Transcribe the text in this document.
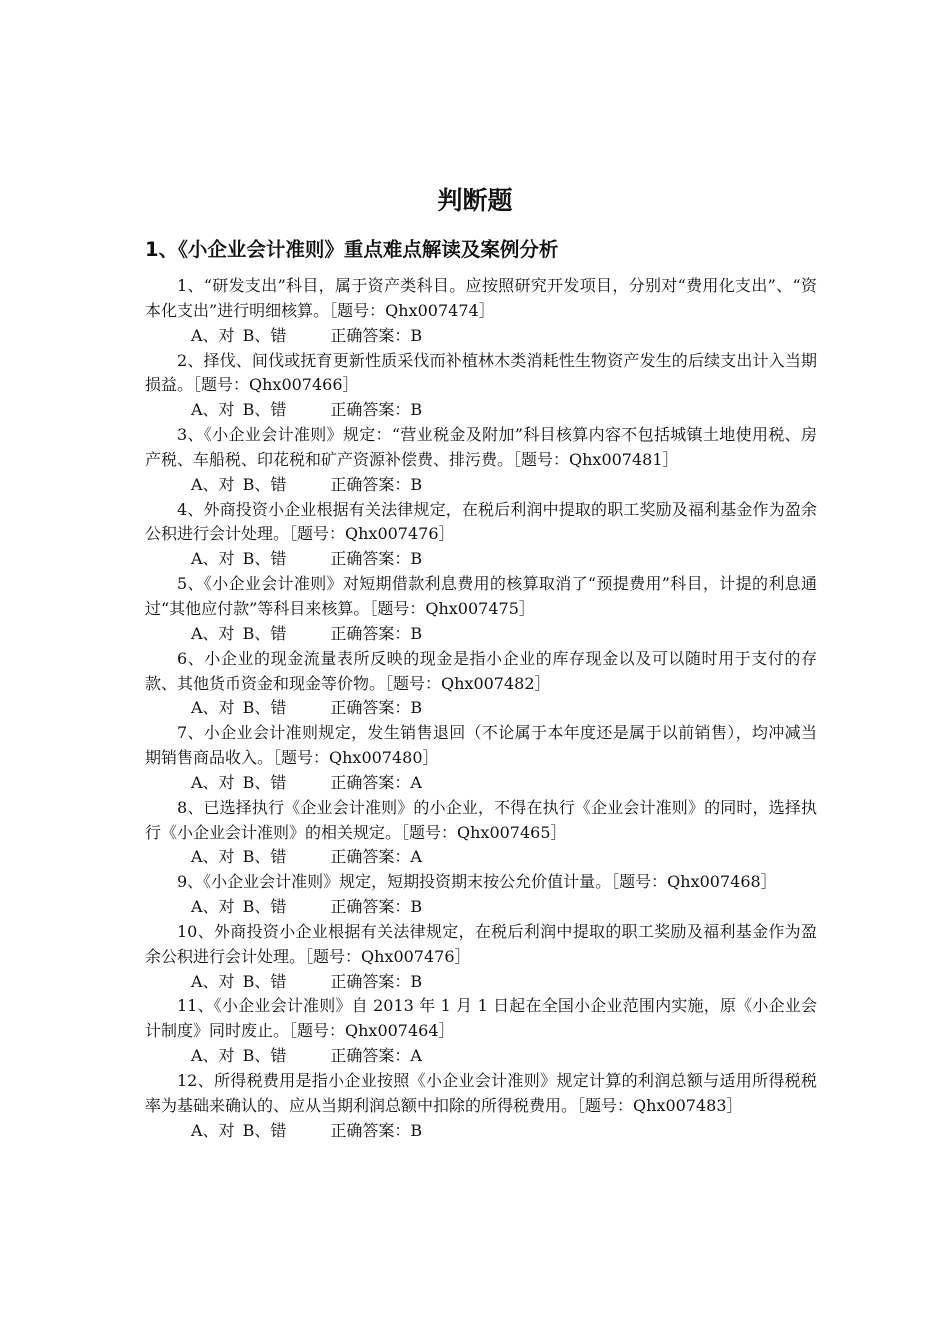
判断题
1、《小企业会计准则》重点难点解读及案例分析
1、“研发支出”科目，属于资产类科目。应按照研究开发项目，分别对“费用化支出”、“资本化支出”进行明细核算。［题号：Qhx007474］
A、对 B、错	正确答案：B
2、择伐、间伐或抚育更新性质采伐而补植林木类消耗性生物资产发生的后续支出计入当期损益。［题号：Qhx007466］
A、对 B、错	正确答案：B
3、《小企业会计准则》规定：“营业税金及附加”科目核算内容不包括城镇土地使用税、房产税、车船税、印花税和矿产资源补偿费、排污费。［题号：Qhx007481］
A、对 B、错	正确答案：B
4、外商投资小企业根据有关法律规定，在税后利润中提取的职工奖励及福利基金作为盈余公积进行会计处理。［题号：Qhx007476］
A、对 B、错	正确答案：B
5、《小企业会计准则》对短期借款利息费用的核算取消了“预提费用”科目，计提的利息通过“其他应付款”等科目来核算。［题号：Qhx007475］
A、对 B、错	正确答案：B
6、小企业的现金流量表所反映的现金是指小企业的库存现金以及可以随时用于支付的存款、其他货币资金和现金等价物。［题号：Qhx007482］
A、对 B、错	正确答案：B
7、小企业会计准则规定，发生销售退回（不论属于本年度还是属于以前销售），均冲减当期销售商品收入。［题号：Qhx007480］
A、对 B、错	正确答案：A
8、已选择执行《企业会计准则》的小企业，不得在执行《企业会计准则》的同时，选择执行《小企业会计准则》的相关规定。［题号：Qhx007465］
A、对 B、错	正确答案：A
9、《小企业会计准则》规定，短期投资期末按公允价值计量。［题号：Qhx007468］
A、对 B、错	正确答案：B
10、外商投资小企业根据有关法律规定，在税后利润中提取的职工奖励及福利基金作为盈余公积进行会计处理。［题号：Qhx007476］
A、对 B、错	正确答案：B
11、《小企业会计准则》自 2013 年 1 月 1 日起在全国小企业范围内实施，原《小企业会计制度》同时废止。［题号：Qhx007464］
A、对 B、错	正确答案：A
12、所得税费用是指小企业按照《小企业会计准则》规定计算的利润总额与适用所得税税率为基础来确认的、应从当期利润总额中扣除的所得税费用。［题号：Qhx007483］
A、对 B、错	正确答案：B
